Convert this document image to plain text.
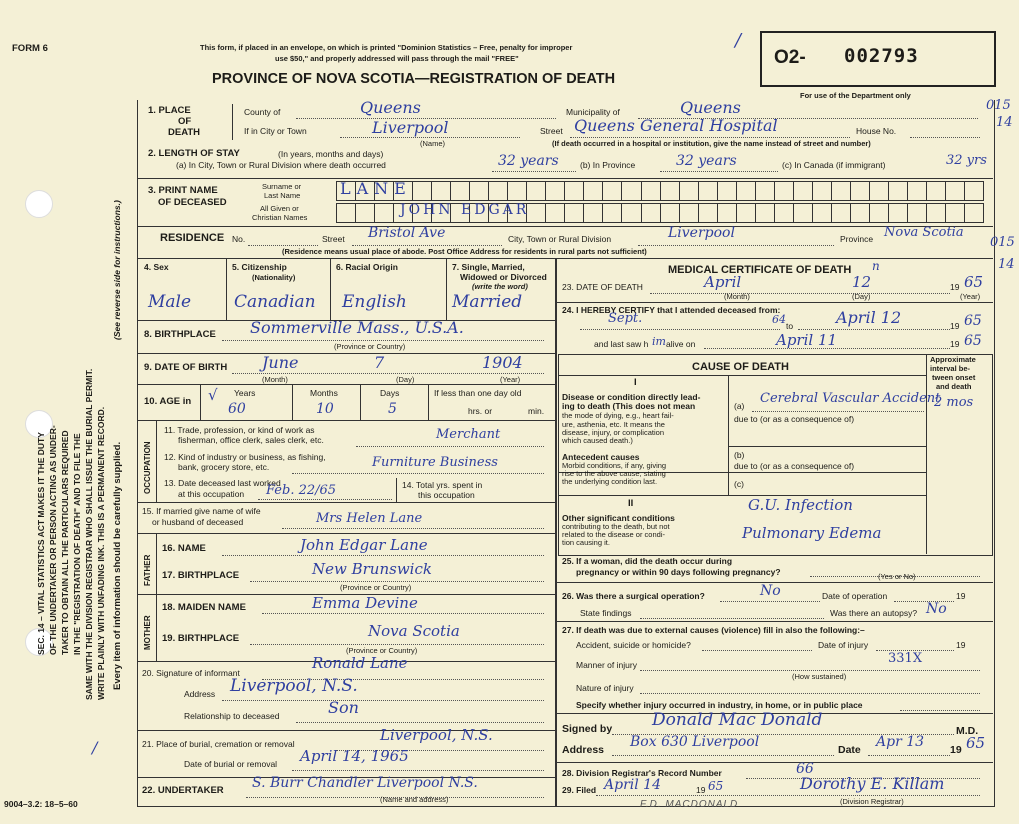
FORM 6	This form, if placed in an envelope, on which is printed "Dominion Statistics – Free, penalty for improper
use $50," and properly addressed will pass through the mail "FREE"
PROVINCE OF NOVA SCOTIA—REGISTRATION OF DEATH
O2- 002793
For use of the Department only
015
14
SEC. 14 – VITAL STATISTICS ACT MAKES IT THE DUTY OF THE UNDERTAKER OR PERSON ACTING AS UNDER- TAKER TO OBTAIN ALL THE PARTICULARS REQUIRED IN THE "REGISTRATION OF DEATH" AND TO FILE THE SAME WITH THE DIVISION REGISTRAR WHO SHALL ISSUE THE BURIAL PERMIT. WRITE PLAINLY WITH UNFADING INK. THIS IS A PERMANENT RECORD. Every item of information should be carefully supplied.
(See reverse side for instructions.)
1. PLACE
OF
DEATH
County of	Queens	Municipality of	Queens
If in City or Town	Liverpool
(Name)
Street Queens General Hospital	House No.
(If death occurred in a hospital or institution, give the name instead of street and number)
2. LENGTH OF STAY	(In years, months and days)
(a) In City, Town or Rural Division where death occurred	32 years	(b) In Province	32 years	(c) In Canada (if immigrant)	32 yrs
3. PRINT NAME
OF DECEASED
Surname or
Last Name LANE
All Given or
Christian Names	JOHN EDGAR
RESIDENCE No.	Street Bristol Ave	City, Town or Rural Division	Liverpool	Province Nova Scotia
015
14
(Residence means usual place of abode. Post Office Address for residents in rural parts not sufficient)
4. Sex	5. Citizenship
(Nationality)
6. Racial Origin	7. Single, Married,
Widowed or Divorced
(write the word)
Male	Canadian English	Married
8. BIRTHPLACE Sommerville Mass., U.S.A.
(Province or Country)
9. DATE OF BIRTH June	7	1904
(Month)	(Day)	(Year)
10. AGE in
Years	Months	Days	If less than one day old
60	10	5	hrs. or	min.
√
OCCUPATION
11. Trade, profession, or kind of work as
fisherman, office clerk, sales clerk, etc.	Merchant
12. Kind of industry or business, as fishing,
bank, grocery store, etc.	Furniture Business
13. Date deceased last worked
at this occupation Feb. 22/65	14. Total yrs. spent in
this occupation
15. If married give name of wife
or husband of deceased	Mrs Helen Lane
FATHER
16. NAME	John Edgar Lane
17. BIRTHPLACE	New Brunswick
(Province or Country)
MOTHER
18. MAIDEN NAME	Emma Devine
19. BIRTHPLACE	Nova Scotia
(Province or Country)
20. Signature of informant
Ronald Lane
Address Liverpool, N.S.
Relationship to deceased	Son
21. Place of burial, cremation or removal	Liverpool, N.S.
Date of burial or removal April 14, 1965
22. UNDERTAKER S. Burr Chandler Liverpool N.S.
(Name and address)
MEDICAL CERTIFICATE OF DEATH n
23. DATE OF DEATH	April	12	19 65
(Month)	(Day)	(Year)
24. I HEREBY CERTIFY that I attended deceased from:
Sept.	64 to	April 12	19 65
and last saw h im alive on	April 11	19 65
CAUSE OF DEATH
Approximate
interval be-
tween onset
and death
I
Disease or condition directly lead-
ing to death (This does not mean
the mode of dying, e.g., heart fail-
ure, asthenia, etc. It means the
disease, injury, or complication
which caused death.)
(a) Cerebral Vascular Accident
2 mos
due to (or as a consequence of)
(b)
due to (or as a consequence of)
Antecedent causes
Morbid conditions, if any, giving
rise to the above cause, stating
the underlying condition last.	(c)
II
Other significant conditions
contributing to the death, but not
related to the disease or condi-
tion causing it.
G.U. Infection
Pulmonary Edema
25. If a woman, did the death occur during
pregnancy or within 90 days following pregnancy?	(Yes or No)
26. Was there a surgical operation?	No	Date of operation	19
State findings	Was there an autopsy? No
27. If death was due to external causes (violence) fill in also the following:–
Accident, suicide or homicide?	Date of injury	19
331X
Manner of injury
(How sustained)
Nature of injury
Specify whether injury occurred in industry, in home, or in public place
Signed by Donald Mac Donald
M.D.
Address Box 630 Liverpool	Date Apr 13 19 65
28. Division Registrar's Record Number	66
29. Filed April 14	19 65	Dorothy E. Killam
(Division Registrar)
F.D. MACDONALD
/
/
9004–3.2: 18–5–60
